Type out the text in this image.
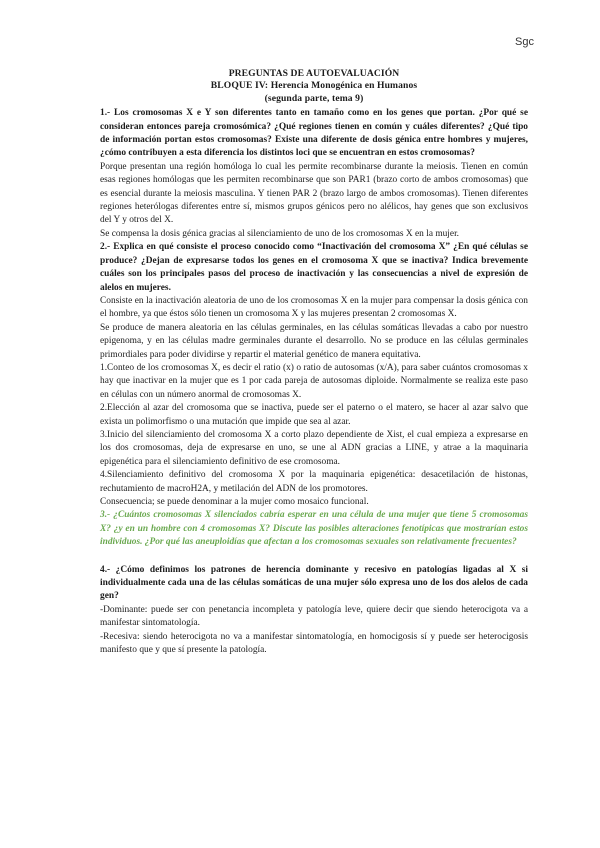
Sgc
PREGUNTAS DE AUTOEVALUACIÓN
BLOQUE IV: Herencia Monogénica en Humanos
(segunda parte, tema 9)
1.- Los cromosomas X e Y son diferentes tanto en tamaño como en los genes que portan. ¿Por qué se consideran entonces pareja cromosómica? ¿Qué regiones tienen en común y cuáles diferentes? ¿Qué tipo de información portan estos cromosomas? Existe una diferente de dosis génica entre hombres y mujeres, ¿cómo contribuyen a esta diferencia los distintos loci que se encuentran en estos cromosomas?

Porque presentan una región homóloga lo cual les permite recombinarse durante la meiosis. Tienen en común esas regiones homólogas que les permiten recombinarse que son PAR1 (brazo corto de ambos cromosomas) que es esencial durante la meiosis masculina. Y tienen PAR 2 (brazo largo de ambos cromosomas). Tienen diferentes regiones heterólogas diferentes entre sí, mismos grupos génicos pero no alélicos, hay genes que son exclusivos del Y y otros del X.

Se compensa la dosis génica gracias al silenciamiento de uno de los cromosomas X en la mujer.

2.- Explica en qué consiste el proceso conocido como “Inactivación del cromosoma X” ¿En qué células se produce? ¿Dejan de expresarse todos los genes en el cromosoma X que se inactiva? Indica brevemente cuáles son los principales pasos del proceso de inactivación y las consecuencias a nivel de expresión de alelos en mujeres.

Consiste en la inactivación aleatoria de uno de los cromosomas X en la mujer para compensar la dosis génica con el hombre, ya que éstos sólo tienen un cromosoma X y las mujeres presentan 2 cromosomas X.

Se produce de manera aleatoria en las células germinales, en las células somáticas llevadas a cabo por nuestro epigenoma, y en las células madre germinales durante el desarrollo. No se produce en las células germinales primordiales para poder dividirse y repartir el material genético de manera equitativa.

1.Conteo de los cromosomas X, es decir el ratio (x) o ratio de autosomas (x/A), para saber cuántos cromosomas x hay que inactivar en la mujer que es 1 por cada pareja de autosomas diploide. Normalmente se realiza este paso en células con un número anormal de cromosomas X.

2.Elección al azar del cromosoma que se inactiva, puede ser el paterno o el matero, se hacer al azar salvo que exista un polimorfismo o una mutación que impide que sea al azar.

3.Inicio del silenciamiento del cromosoma X a corto plazo dependiente de Xist, el cual empieza a expresarse en los dos cromosomas, deja de expresarse en uno, se une al ADN gracias a LINE, y atrae a la maquinaria epigenética para el silenciamiento definitivo de ese cromosoma.

4.Silenciamiento definitivo del cromosoma X por la maquinaria epigenética: desacetilación de histonas, rechutamiento de macroH2A, y metilación del ADN de los promotores.

Consecuencia; se puede denominar a la mujer como mosaico funcional.

3.- ¿Cuántos cromosomas X silenciados cabría esperar en una célula de una mujer que tiene 5 cromosomas X? ¿y en un hombre con 4 cromosomas X? Discute las posibles alteraciones fenotípicas que mostrarían estos individuos. ¿Por qué las aneuploidías que afectan a los cromosomas sexuales son relativamente frecuentes?
4.- ¿Cómo definimos los patrones de herencia dominante y recesivo en patologías ligadas al X si individualmente cada una de las células somáticas de una mujer sólo expresa uno de los dos alelos de cada gen?

-Dominante: puede ser con penetancia incompleta y patología leve, quiere decir que siendo heterocigota va a manifestar sintomatología.

-Recesiva: siendo heterocigota no va a manifestar sintomatología, en homocigosis sí y puede ser heterocigosis manifesto que y que sí presente la patología.
